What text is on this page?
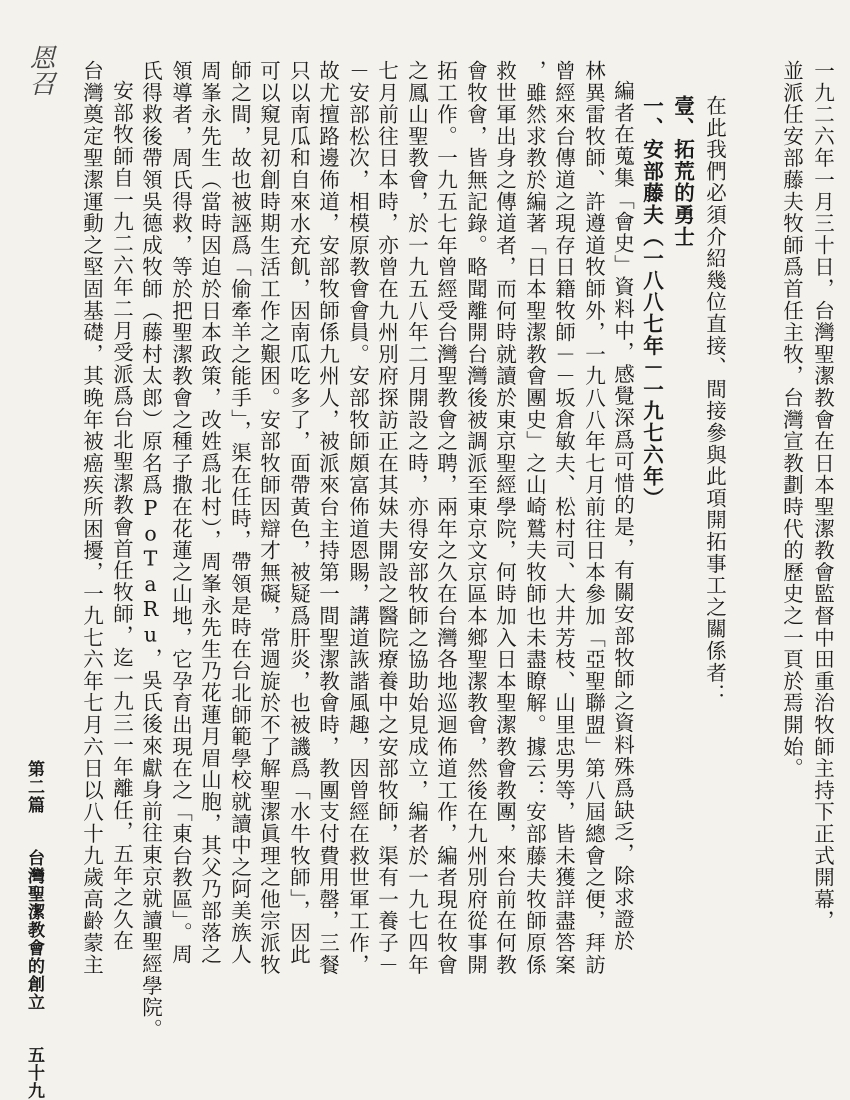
一九二六年一月三十日，台灣聖潔教會在日本聖潔教會監督中田重治牧師主持下正式開幕，
並派任安部藤夫牧師爲首任主牧，台灣宣教劃時代的歷史之一頁於焉開始。
在此我們必須介紹幾位直接、間接參與此項開拓事工之關係者：
壹、拓荒的勇士
一、安部藤夫（一八八七年－一九七六年）
編者在蒐集「會史」資料中，感覺深爲可惜的是，有關安部牧師之資料殊爲缺乏，除求證於
林異雷牧師、許遵道牧師外，一九八八年七月前往日本參加「亞聖聯盟」第八屆總會之便，拜訪
曾經來台傳道之現存日籍牧師－－坂倉敏夫、松村司、大井芳枝、山里忠男等，皆未獲詳盡答案
，雖然求教於編著「日本聖潔教會團史」之山崎鷲夫牧師也未盡瞭解。據云：安部藤夫牧師原係
救世軍出身之傳道者，而何時就讀於東京聖經學院，何時加入日本聖潔教會教團，來台前在何教
會牧會，皆無記錄。略聞離開台灣後被調派至東京文京區本鄉聖潔教會，然後在九州別府從事開
拓工作。一九五七年曾經受台灣聖教會之聘，兩年之久在台灣各地巡迴佈道工作，編者現在牧會
之鳳山聖教會，於一九五八年二月開設之時，亦得安部牧師之協助始見成立，編者於一九七四年
七月前往日本時，亦曾在九州別府探訪正在其妹夫開設之醫院療養中之安部牧師，渠有一養子－
－安部松次，相模原教會會員。安部牧師頗富佈道恩賜，講道詼諧風趣，因曾經在救世軍工作，
故尤擅路邊佈道，安部牧師係九州人，被派來台主持第一間聖潔教會時，教團支付費用罄，三餐
只以南瓜和自來水充飢，因南瓜吃多了，面帶黃色，被疑爲肝炎，也被譏爲「水牛牧師」，因此
可以窺見初創時期生活工作之艱困。安部牧師因辯才無礙，常週旋於不了解聖潔眞理之他宗派牧
師之間，故也被誣爲「偷牽羊之能手」，渠在任時，帶領是時在台北師範學校就讀中之阿美族人
周峯永先生（當時因迫於日本政策，改姓爲北村），周峯永先生乃花蓮月眉山胞，其父乃部落之
領導者，周氏得救，等於把聖潔教會之種子撒在花蓮之山地，它孕育出現在之「東台教區」。周
氏得救後帶領吳德成牧師（藤村太郎）原名爲PoTaRu，吳氏後來獻身前往東京就讀聖經學院。
安部牧師自一九二六年二月受派爲台北聖潔教會首任牧師，迄一九三一年離任，五年之久在
台灣奠定聖潔運動之堅固基礎，其晚年被癌疾所困擾，一九七六年七月六日以八十九歲高齡蒙主
恩召
第二篇 台灣聖潔教會的創立 五十九
